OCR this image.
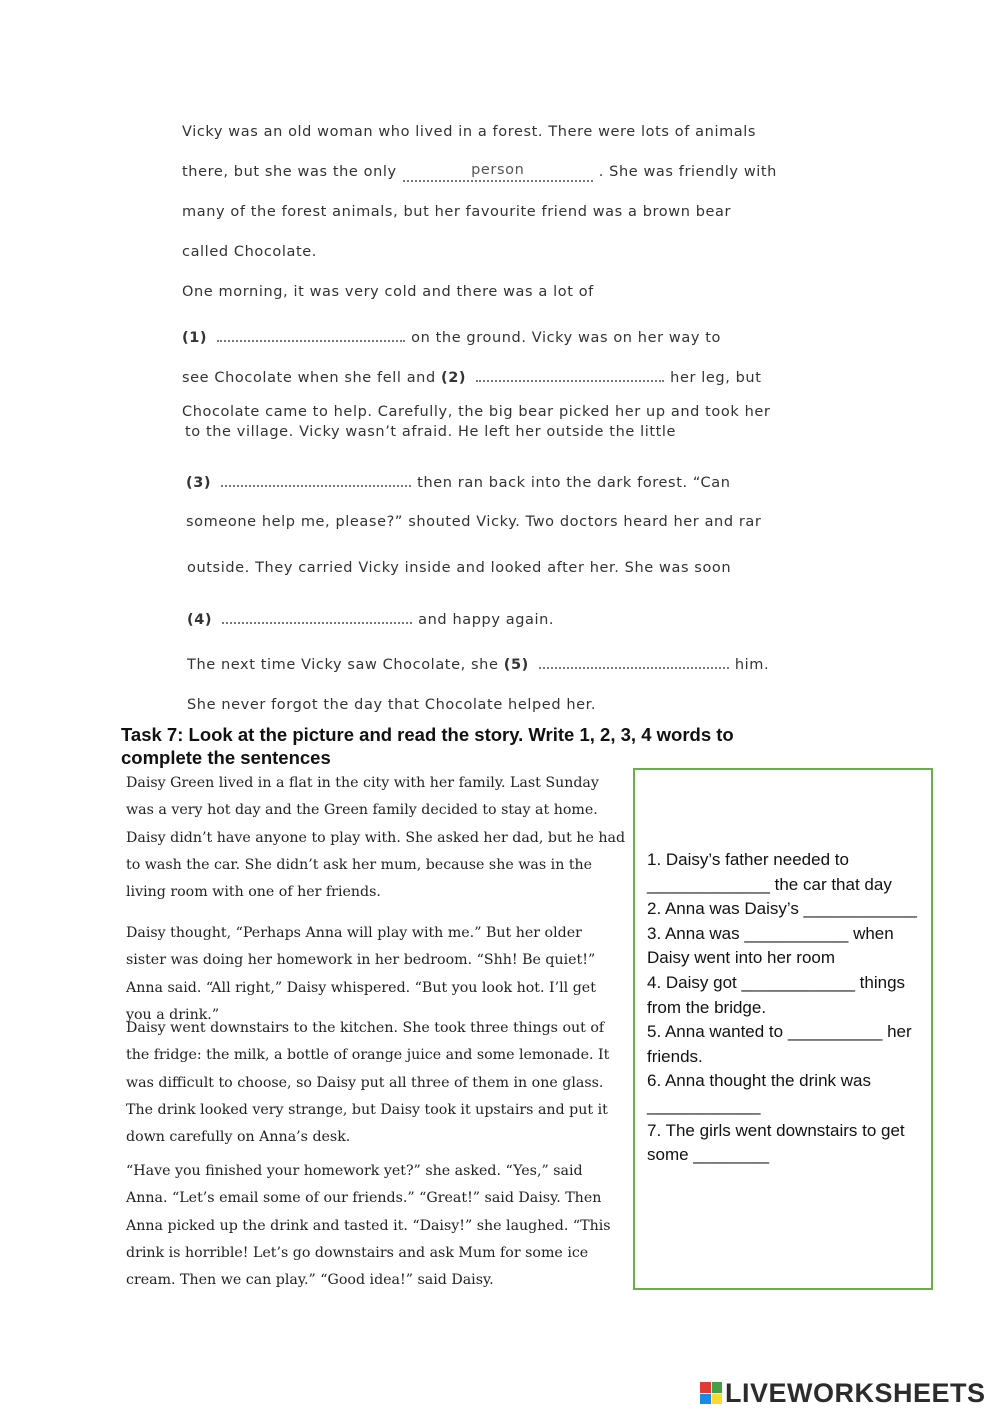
Vicky was an old woman who lived in a forest. There were lots of animals
there, but she was the only	person	. She was friendly with
many of the forest animals, but her favourite friend was a brown bear
called Chocolate.
One morning, it was very cold and there was a lot of
(1)	on the ground. Vicky was on her way to
see Chocolate when she fell and (2)	her leg, but
Chocolate came to help. Carefully, the big bear picked her up and took her
to the village. Vicky wasn’t afraid. He left her outside the little
(3)	then ran back into the dark forest. “Can
someone help me, please?” shouted Vicky. Two doctors heard her and rar
outside. They carried Vicky inside and looked after her. She was soon
(4)	and happy again.
The next time Vicky saw Chocolate, she (5)	him.
She never forgot the day that Chocolate helped her.
Task 7: Look at the picture and read the story. Write 1, 2, 3, 4 words to
complete the sentences
Daisy Green lived in a flat in the city with her family. Last Sunday was a very hot day and the Green family decided to stay at home. Daisy didn’t have anyone to play with. She asked her dad, but he had to wash the car. She didn’t ask her mum, because she was in the living room with one of her friends.
Daisy thought, “Perhaps Anna will play with me.” But her older sister was doing her homework in her bedroom. “Shh! Be quiet!” Anna said. “All right,” Daisy whispered. “But you look hot. I’ll get you a drink.”
Daisy went downstairs to the kitchen. She took three things out of the fridge: the milk, a bottle of orange juice and some lemonade. It was difficult to choose, so Daisy put all three of them in one glass. The drink looked very strange, but Daisy took it upstairs and put it down carefully on Anna’s desk.
“Have you finished your homework yet?” she asked. “Yes,” said Anna. “Let’s email some of our friends.” “Great!” said Daisy. Then Anna picked up the drink and tasted it. “Daisy!” she laughed. “This drink is horrible! Let’s go downstairs and ask Mum for some ice cream. Then we can play.” “Good idea!” said Daisy.
1. Daisy’s father needed to _____________ the car that day
2. Anna was Daisy’s ____________
3. Anna was ___________ when Daisy went into her room
4. Daisy got ____________ things from the bridge.
5. Anna wanted to __________ her friends.
6. Anna thought the drink was ____________
7. The girls went downstairs to get some ________
LIVEWORKSHEETS
